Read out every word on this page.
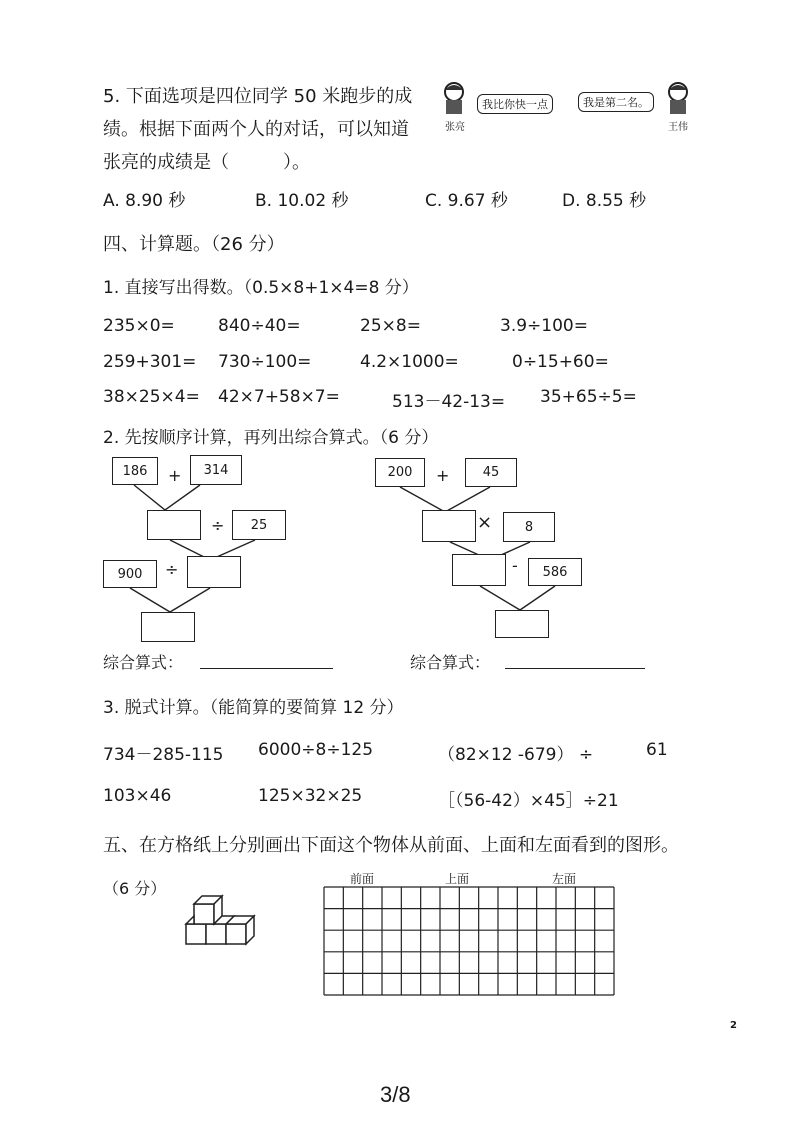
5. 下面选项是四位同学 50 米跑步的成
绩。根据下面两个人的对话，可以知道
张亮的成绩是（　　　）。
我比你快一点
张亮
我是第二名。
王伟
A. 8.90 秒	B. 10.02 秒	C. 9.67 秒	D. 8.55 秒
四、计算题。（26 分）
1. 直接写出得数。（0.5×8+1×4=8 分）
235×0=	840÷40=	25×8=	3.9÷100=
259+301= 730÷100=	4.2×1000=	0÷15+60=
38×25×4= 42×7+58×7=	513－42-13= 35+65÷5=
2. 先按顺序计算，再列出综合算式。（6 分）
186	+	314
÷	25
900	÷
综合算式：
200	+	45
×	8
-	586
综合算式：
3. 脱式计算。（能简算的要简算 12 分）
734－285-115 6000÷8÷125	（82×12 -679） ÷	61
103×46	125×32×25	［（56-42）×45］÷21
五、在方格纸上分别画出下面这个物体从前面、上面和左面看到的图形。
（6 分）	前面	上面	左面
2
3/8
